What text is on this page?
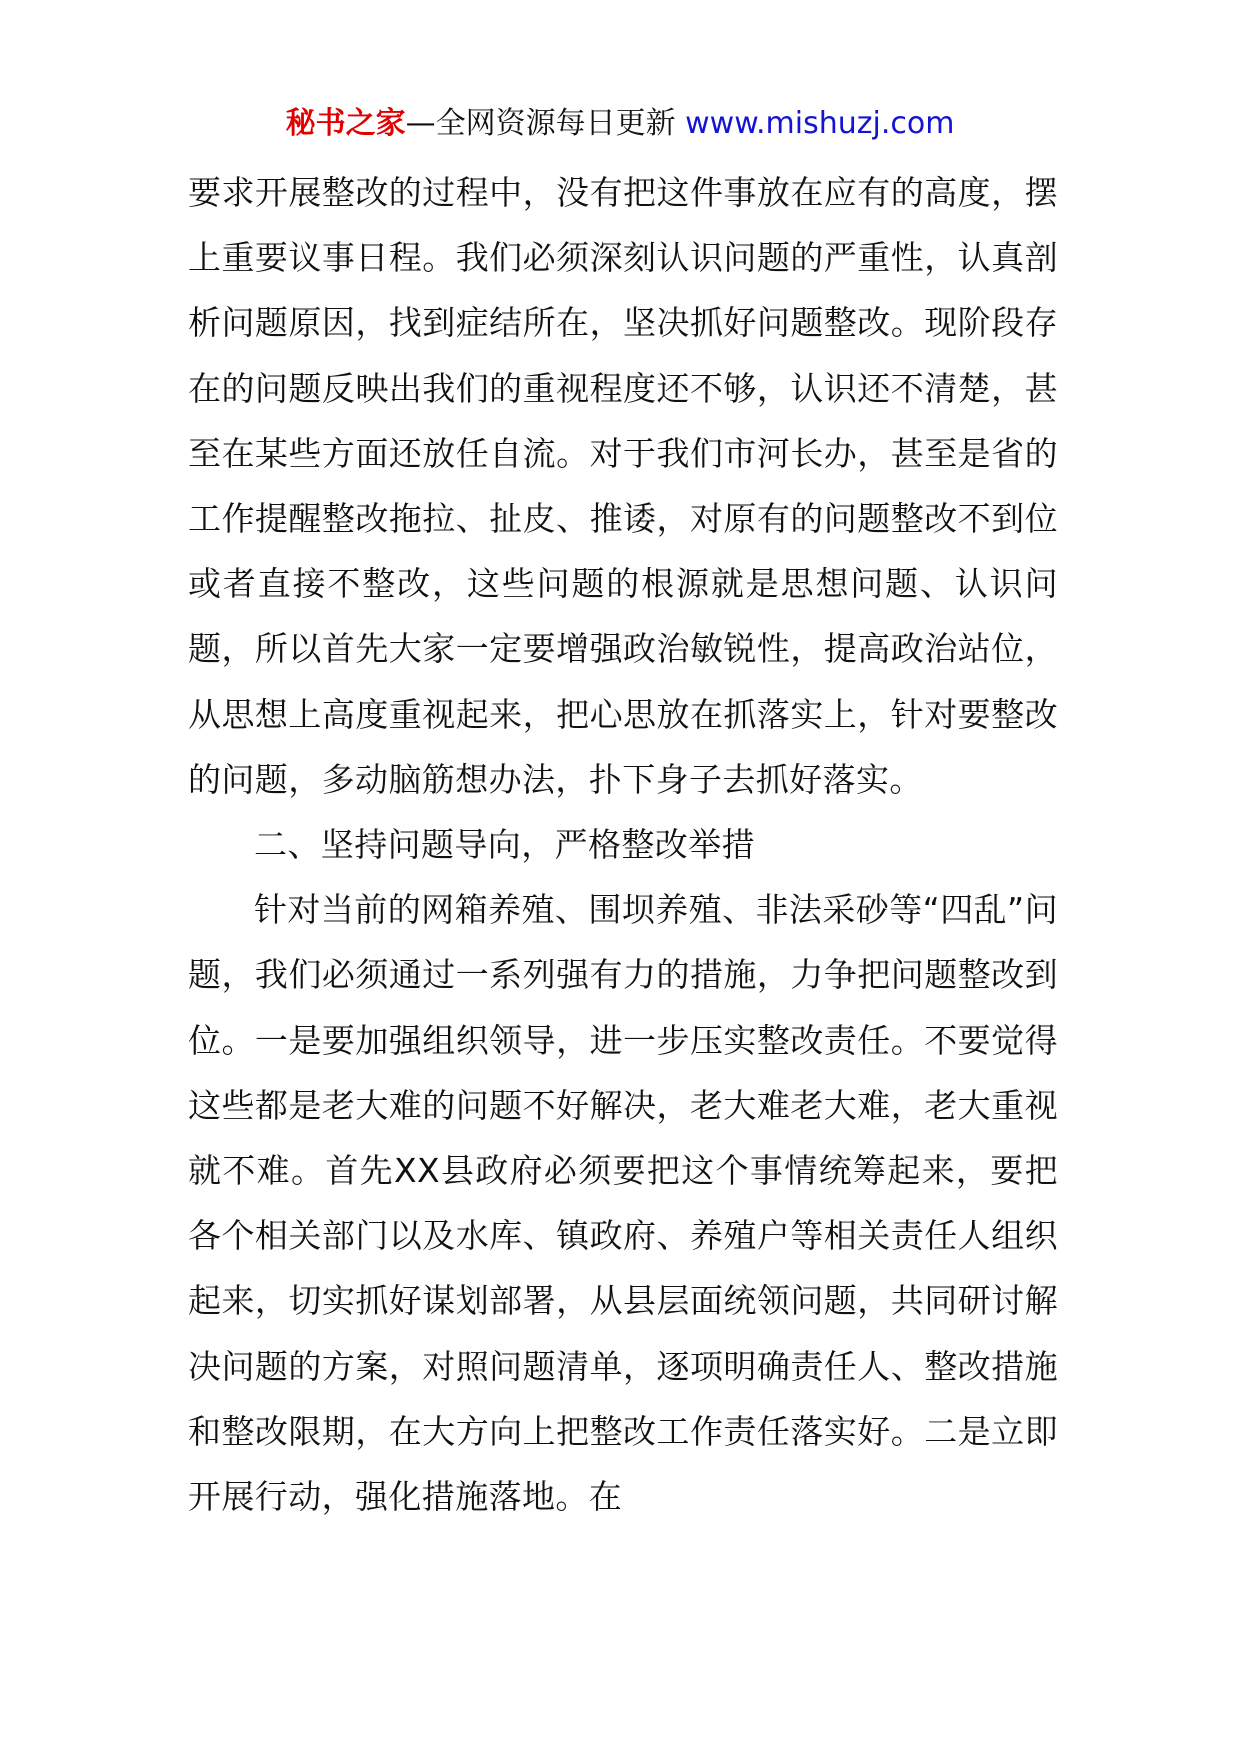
秘书之家—全网资源每日更新 www.mishuzj.com

要求开展整改的过程中，没有把这件事放在应有的高度，摆上重要议事日程。我们必须深刻认识问题的严重性，认真剖析问题原因，找到症结所在，坚决抓好问题整改。现阶段存在的问题反映出我们的重视程度还不够，认识还不清楚，甚至在某些方面还放任自流。对于我们市河长办，甚至是省的工作提醒整改拖拉、扯皮、推诿，对原有的问题整改不到位或者直接不整改，这些问题的根源就是思想问题、认识问题，所以首先大家一定要增强政治敏锐性，提高政治站位，从思想上高度重视起来，把心思放在抓落实上，针对要整改的问题，多动脑筋想办法，扑下身子去抓好落实。

二、坚持问题导向，严格整改举措

针对当前的网箱养殖、围坝养殖、非法采砂等“四乱”问题，我们必须通过一系列强有力的措施，力争把问题整改到位。一是要加强组织领导，进一步压实整改责任。不要觉得这些都是老大难的问题不好解决，老大难老大难，老大重视就不难。首先XX县政府必须要把这个事情统筹起来，要把各个相关部门以及水库、镇政府、养殖户等相关责任人组织起来，切实抓好谋划部署，从县层面统领问题，共同研讨解决问题的方案，对照问题清单，逐项明确责任人、整改措施和整改限期，在大方向上把整改工作责任落实好。二是立即开展行动，强化措施落地。在
